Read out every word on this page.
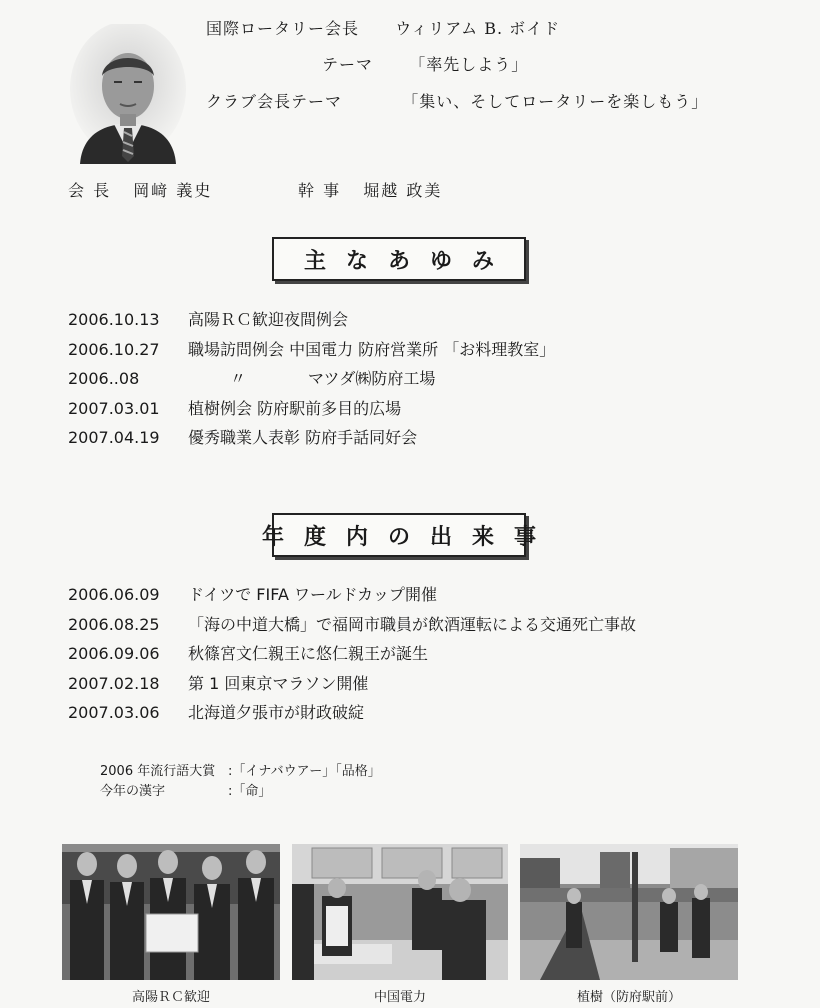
国際ロータリー会長 ウィリアム B. ボイド
テーマ 「率先しよう」
クラブ会長テーマ	「集い、そしてロータリーを楽しもう」
会 長 岡﨑 義史	幹 事 堀越 政美
主なあゆみ
2006.10.13 高陽ＲＣ歓迎夜間例会
2006.10.27 職場訪問例会 中国電力 防府営業所 「お料理教室」
2006..08	〃	マツダ㈱防府工場
2007.03.01 植樹例会 防府駅前多目的広場
2007.04.19 優秀職業人表彰 防府手話同好会
年度内の出来事
2006.06.09 ドイツで FIFA ワールドカップ開催
2006.08.25 「海の中道大橋」で福岡市職員が飲酒運転による交通死亡事故
2006.09.06 秋篠宮文仁親王に悠仁親王が誕生
2007.02.18 第 1 回東京マラソン開催
2007.03.06 北海道夕張市が財政破綻
2006 年流行語大賞 :「イナバウアー」「品格」
今年の漢字	:「命」
高陽ＲＣ歓迎	中国電力	植樹（防府駅前）
